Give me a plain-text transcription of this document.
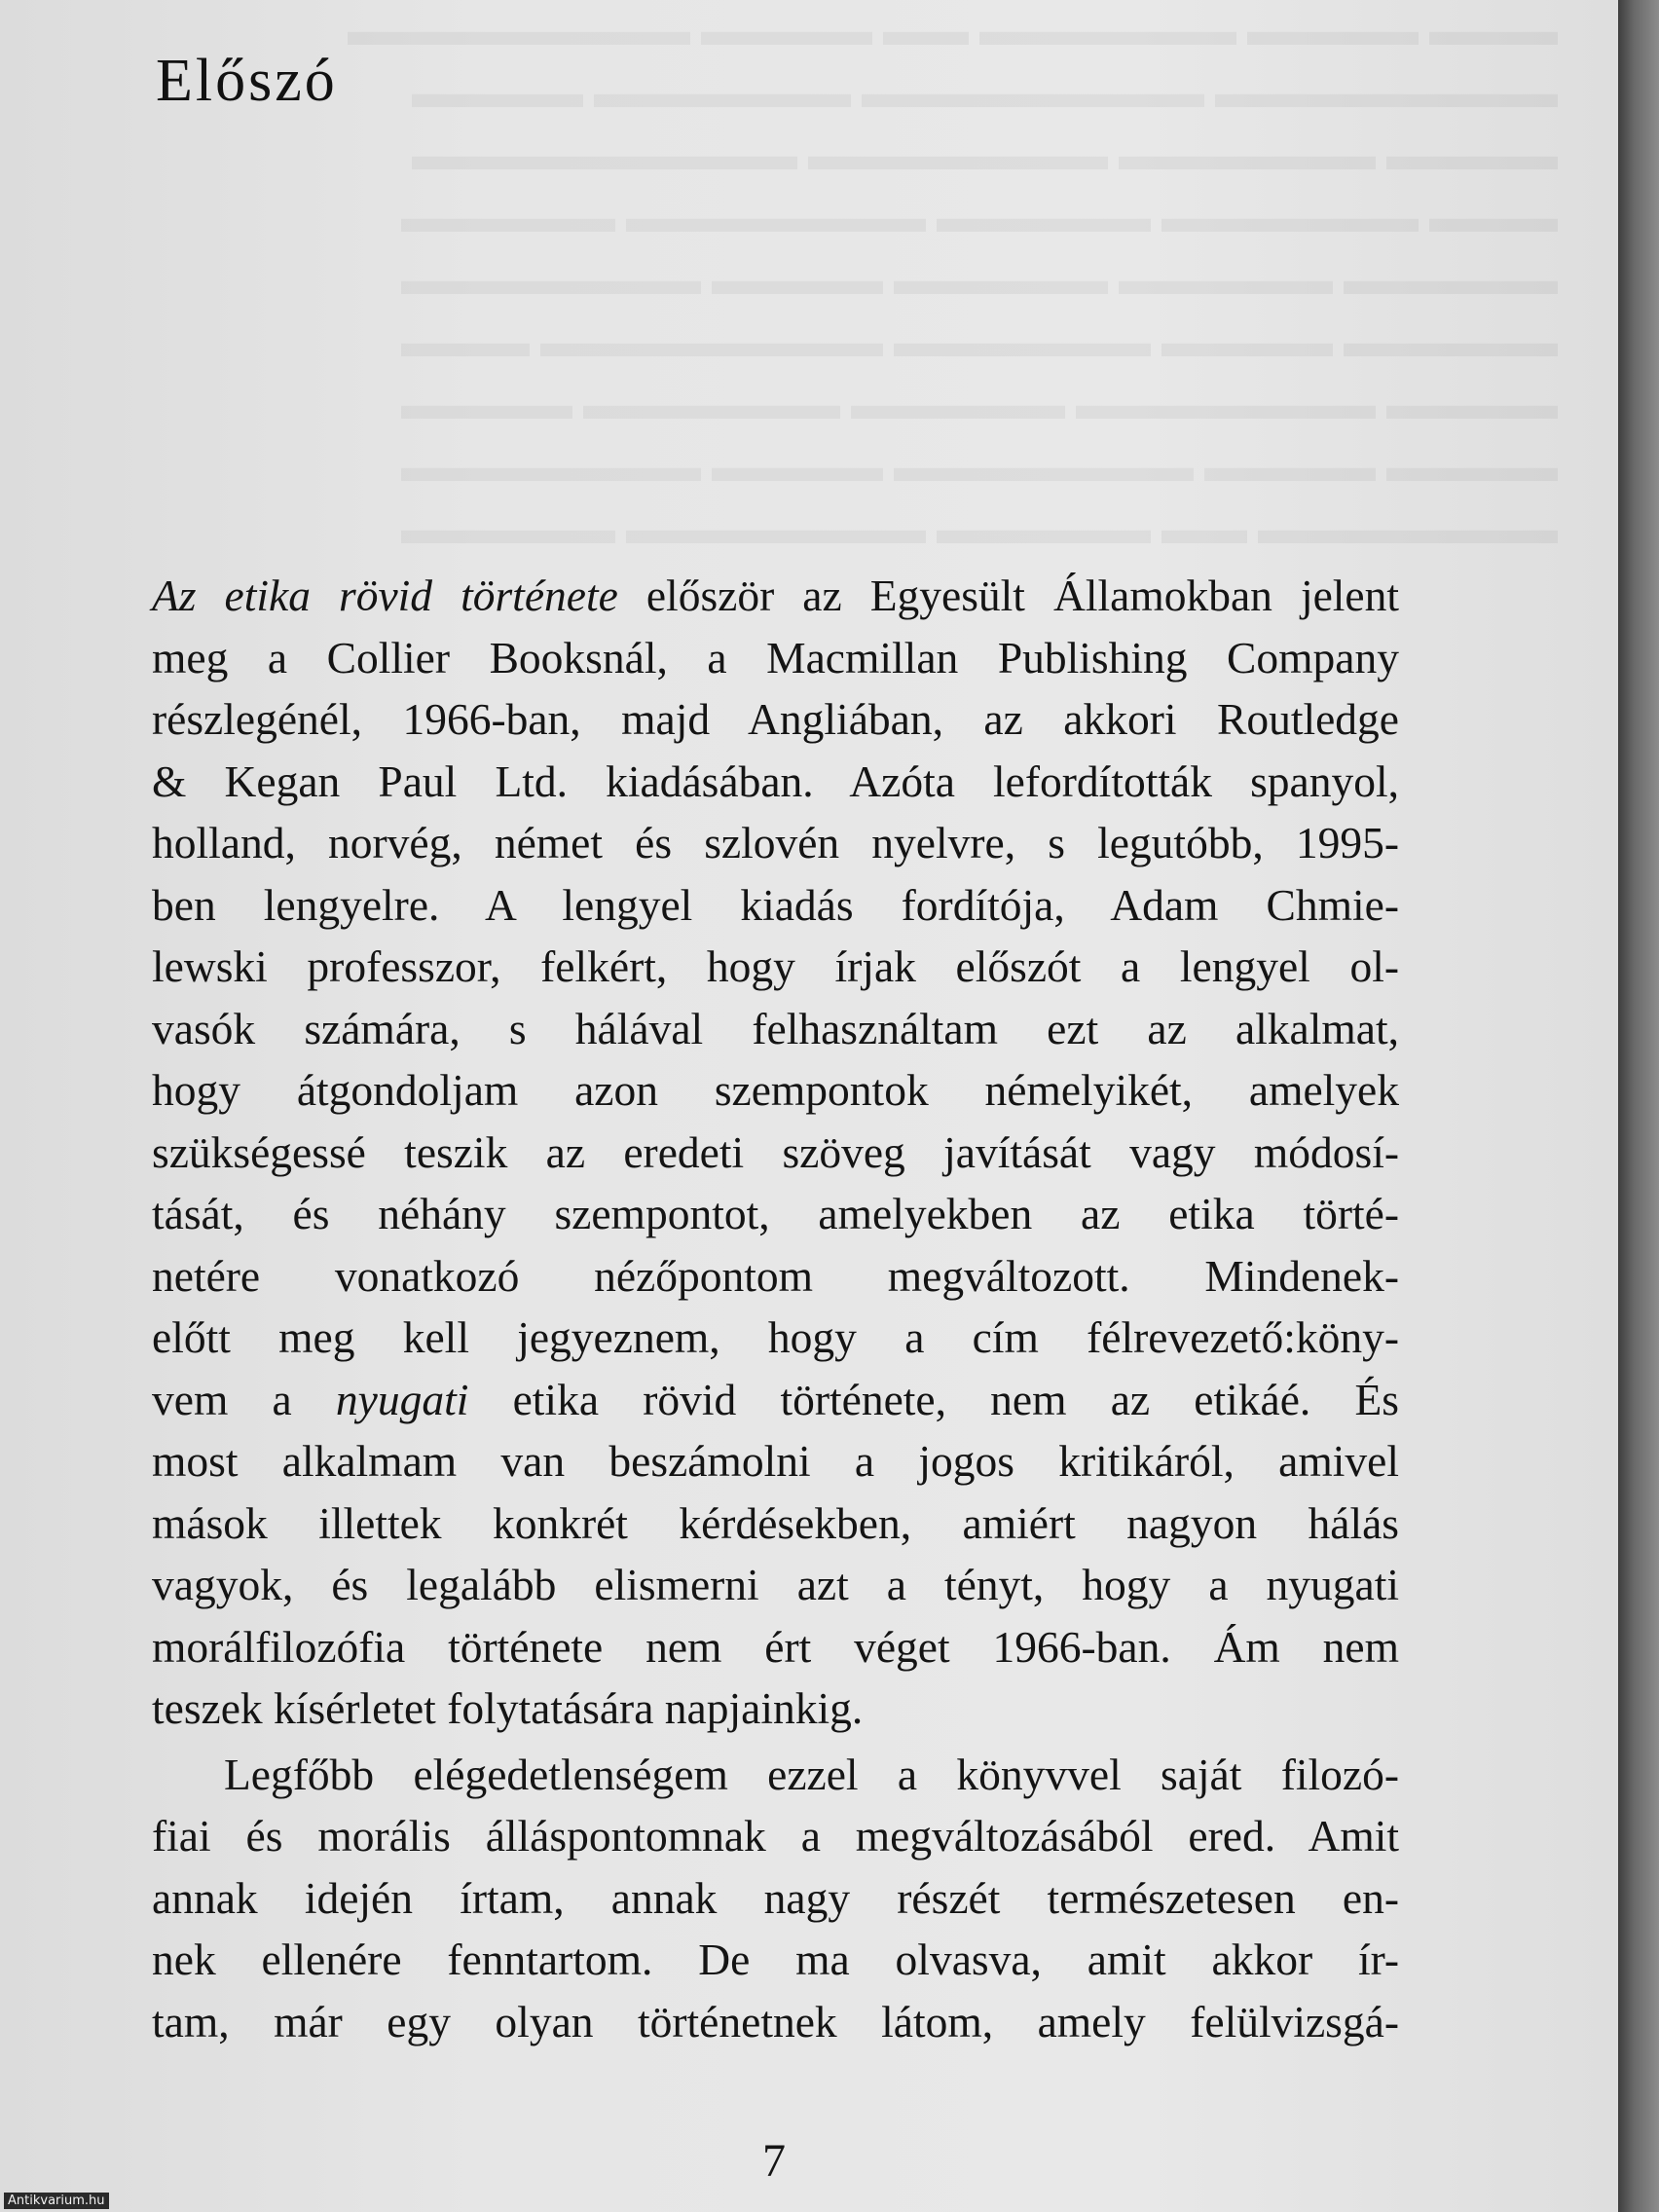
Előszó
Az etika rövid története először az Egyesült Államokban jelent
meg a Collier Booksnál, a Macmillan Publishing Company
részlegénél, 1966-ban, majd Angliában, az akkori Routledge
& Kegan Paul Ltd. kiadásában. Azóta lefordították spanyol,
holland, norvég, német és szlovén nyelvre, s legutóbb, 1995-
ben lengyelre. A lengyel kiadás fordítója, Adam Chmie-
lewski professzor, felkért, hogy írjak előszót a lengyel ol-
vasók számára, s hálával felhasználtam ezt az alkalmat,
hogy átgondoljam azon szempontok némelyikét, amelyek
szükségessé teszik az eredeti szöveg javítását vagy módosí-
tását, és néhány szempontot, amelyekben az etika törté-
netére vonatkozó nézőpontom megváltozott. Mindenek-
előtt meg kell jegyeznem, hogy a cím félrevezető:köny-
vem a nyugati etika rövid története, nem az etikáé. És
most alkalmam van beszámolni a jogos kritikáról, amivel
mások illettek konkrét kérdésekben, amiért nagyon hálás
vagyok, és legalább elismerni azt a tényt, hogy a nyugati
morálfilozófia története nem ért véget 1966-ban. Ám nem
teszek kísérletet folytatására napjainkig.
Legfőbb elégedetlenségem ezzel a könyvvel saját filozó-
fiai és morális álláspontomnak a megváltozásából ered. Amit
annak idején írtam, annak nagy részét természetesen en-
nek ellenére fenntartom. De ma olvasva, amit akkor ír-
tam, már egy olyan történetnek látom, amely felülvizsgá-
7
Antikvarium.hu
